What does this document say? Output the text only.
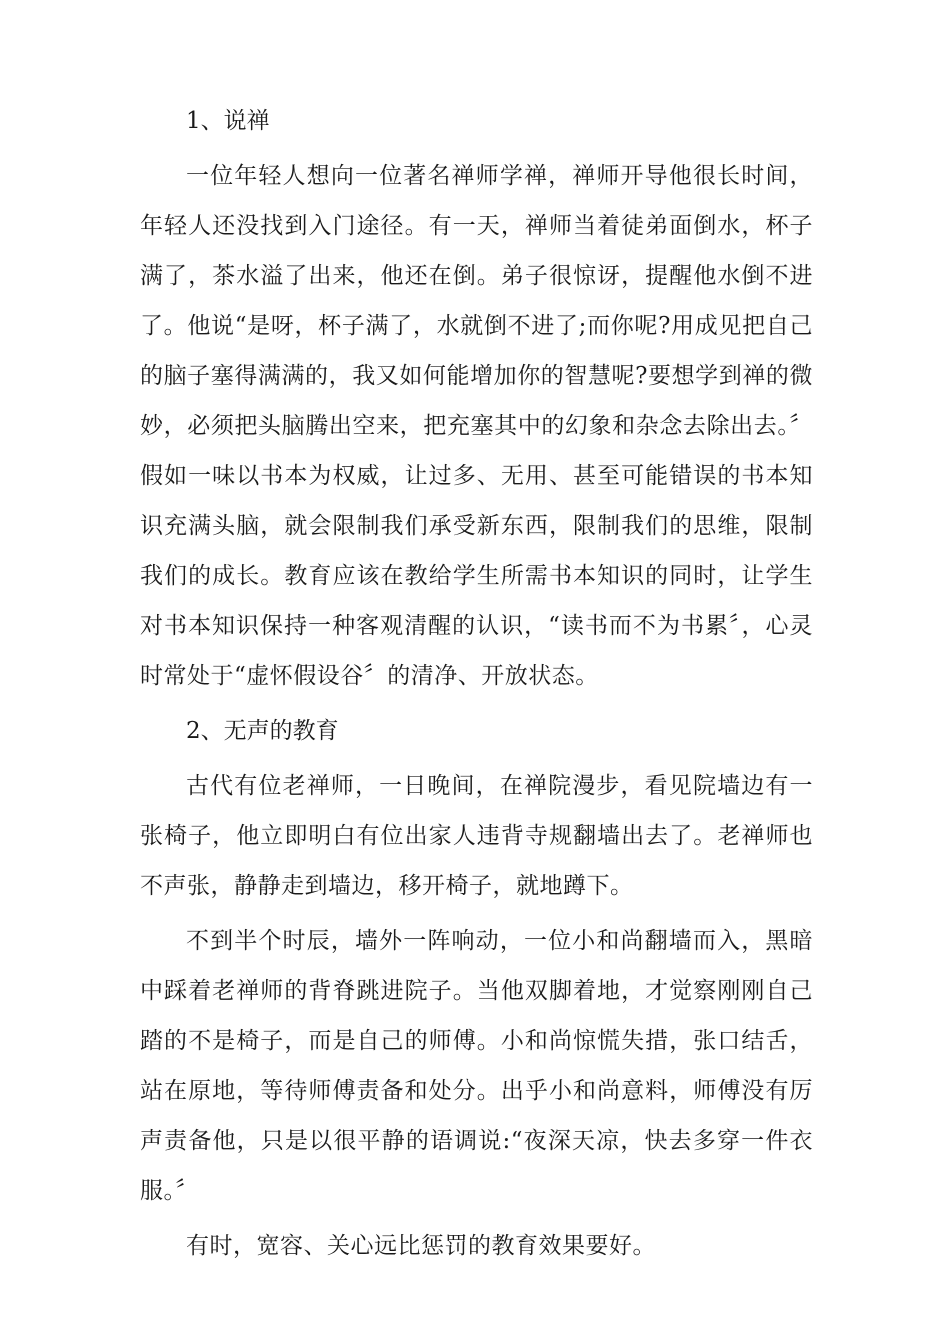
1、说禅

一位年轻人想向一位著名禅师学禅，禅师开导他很长时间，年轻人还没找到入门途径。有一天，禅师当着徒弟面倒水，杯子满了，茶水溢了出来，他还在倒。弟子很惊讶，提醒他水倒不进了。他说“是呀，杯子满了，水就倒不进了;而你呢?用成见把自己的脑子塞得满满的，我又如何能增加你的智慧呢?要想学到禅的微妙，必须把头脑腾出空来，把充塞其中的幻象和杂念去除出去。〞假如一味以书本为权威，让过多、无用、甚至可能错误的书本知识充满头脑，就会限制我们承受新东西，限制我们的思维，限制我们的成长。教育应该在教给学生所需书本知识的同时，让学生对书本知识保持一种客观清醒的认识，“读书而不为书累〞，心灵时常处于“虚怀假设谷〞的清净、开放状态。

2、无声的教育

古代有位老禅师，一日晚间，在禅院漫步，看见院墙边有一张椅子，他立即明白有位出家人违背寺规翻墙出去了。老禅师也不声张，静静走到墙边，移开椅子，就地蹲下。

不到半个时辰，墙外一阵响动，一位小和尚翻墙而入，黑暗中踩着老禅师的背脊跳进院子。当他双脚着地，才觉察刚刚自己踏的不是椅子，而是自己的师傅。小和尚惊慌失措，张口结舌，站在原地，等待师傅责备和处分。出乎小和尚意料，师傅没有厉声责备他，只是以很平静的语调说:“夜深天凉，快去多穿一件衣服。〞

有时，宽容、关心远比惩罚的教育效果要好。
